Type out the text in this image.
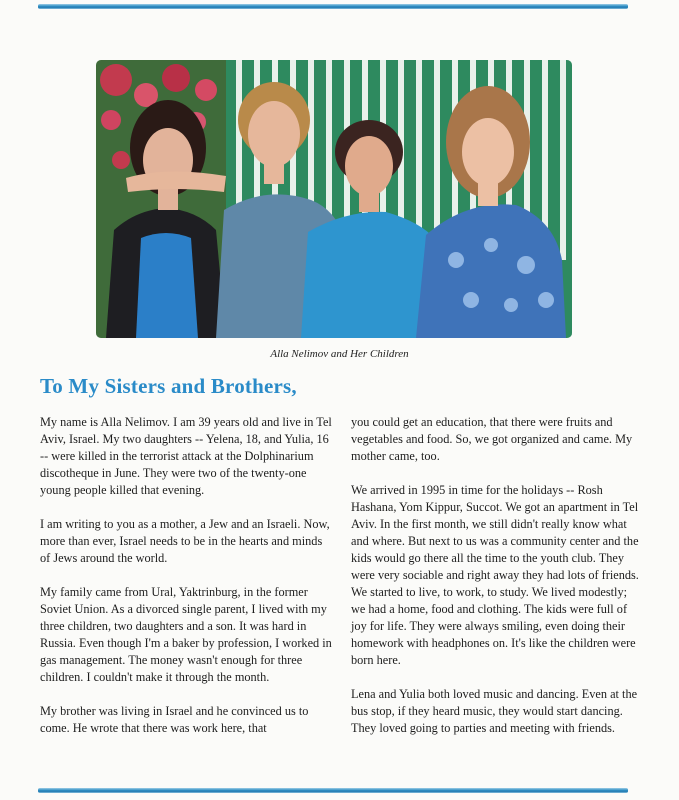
Alla Nelimov and Her Children
To My Sisters and Brothers,

My name is Alla Nelimov. I am 39 years old and live in Tel Aviv, Israel. My two daughters -- Yelena, 18, and Yulia, 16 -- were killed in the terrorist attack at the Dolphinarium discotheque in June. They were two of the twenty-one young people killed that evening.

I am writing to you as a mother, a Jew and an Israeli. Now, more than ever, Israel needs to be in the hearts and minds of Jews around the world.

My family came from Ural, Yaktrinburg, in the former Soviet Union. As a divorced single parent, I lived with my three children, two daughters and a son. It was hard in Russia. Even though I'm a baker by profession, I worked in gas management. The money wasn't enough for three children. I couldn't make it through the month.

My brother was living in Israel and he convinced us to come. He wrote that there was work here, that

you could get an education, that there were fruits and vegetables and food. So, we got organized and came. My mother came, too.

We arrived in 1995 in time for the holidays -- Rosh Hashana, Yom Kippur, Succot. We got an apartment in Tel Aviv. In the first month, we still didn't really know what and where. But next to us was a community center and the kids would go there all the time to the youth club. They were very sociable and right away they had lots of friends. We started to live, to work, to study. We lived modestly; we had a home, food and clothing. The kids were full of joy for life. They were always smiling, even doing their homework with headphones on. It's like the children were born here.

Lena and Yulia both loved music and dancing. Even at the bus stop, if they heard music, they would start dancing. They loved going to parties and meeting with friends.
